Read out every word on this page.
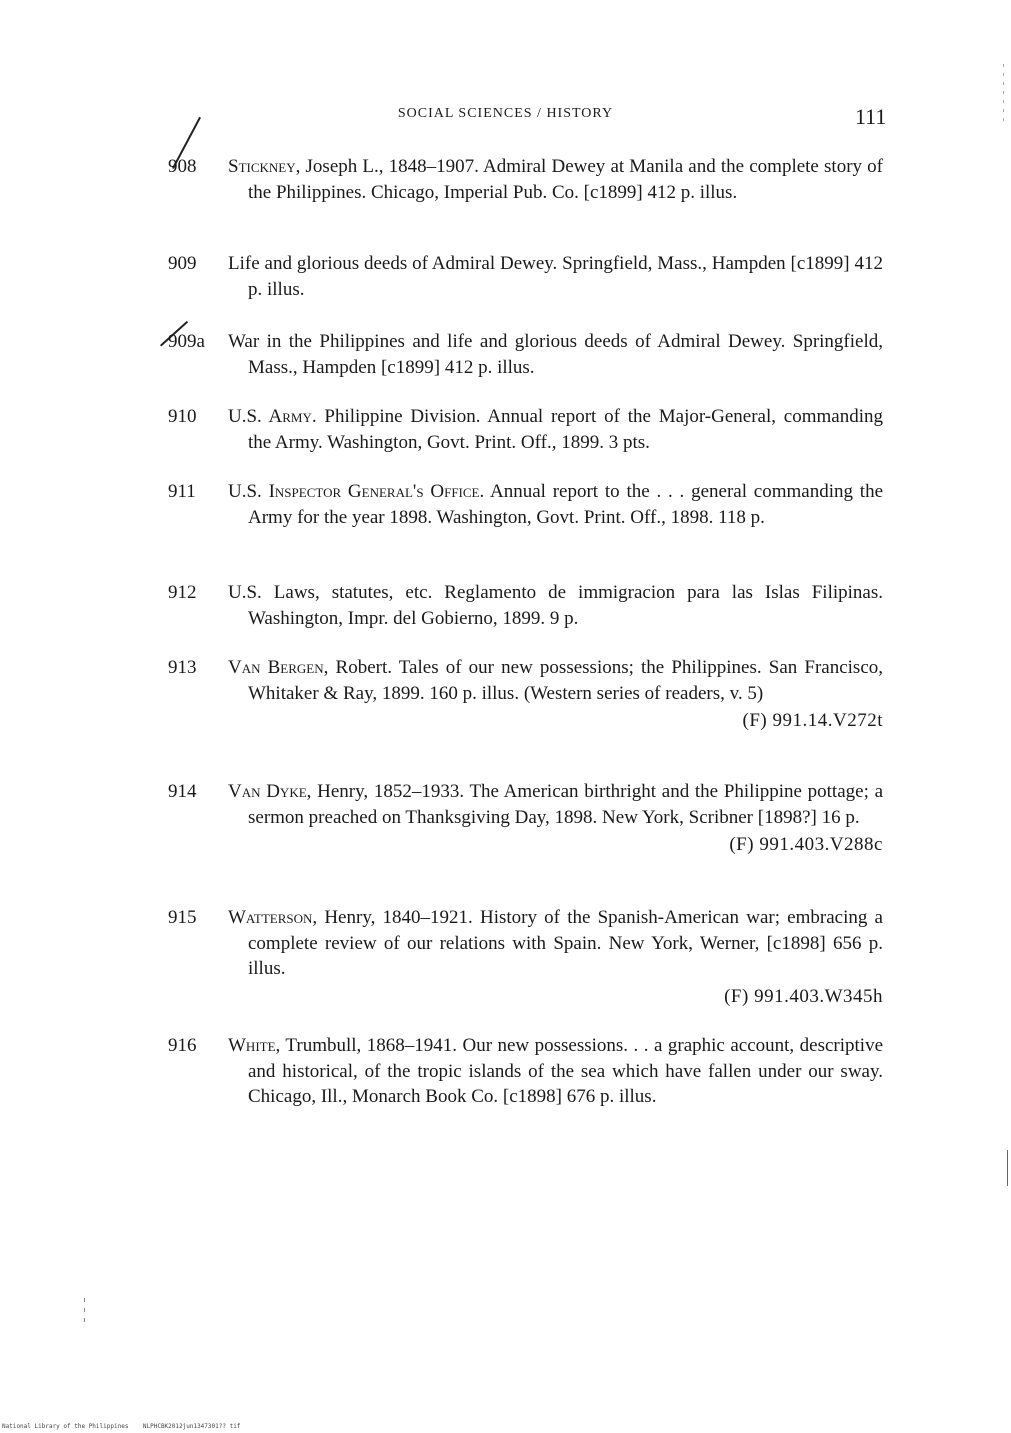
SOCIAL SCIENCES / HISTORY	111
908	Stickney, Joseph L., 1848–1907. Admiral Dewey at Manila and the complete story of the Philippines. Chicago, Imperial Pub. Co. [c1899] 412 p. illus.
909	Life and glorious deeds of Admiral Dewey. Springfield, Mass., Hampden [c1899] 412 p. illus.
909a	War in the Philippines and life and glorious deeds of Admiral Dewey. Springfield, Mass., Hampden [c1899] 412 p. illus.
910	U.S. Army. Philippine Division. Annual report of the Major-General, commanding the Army. Washington, Govt. Print. Off., 1899. 3 pts.
911	U.S. Inspector General's Office. Annual report to the . . . general commanding the Army for the year 1898. Washington, Govt. Print. Off., 1898. 118 p.
912	U.S. Laws, statutes, etc. Reglamento de immigracion para las Islas Filipinas. Washington, Impr. del Gobierno, 1899. 9 p.
913	Van Bergen, Robert. Tales of our new possessions; the Philippines. San Francisco, Whitaker & Ray, 1899. 160 p. illus. (Western series of readers, v. 5)
(F) 991.14.V272t
914	Van Dyke, Henry, 1852–1933. The American birthright and the Philippine pottage; a sermon preached on Thanksgiving Day, 1898. New York, Scribner [1898?] 16 p.
(F) 991.403.V288c
915	Watterson, Henry, 1840–1921. History of the Spanish-American war; embracing a complete review of our relations with Spain. New York, Werner, [c1898] 656 p. illus.
(F) 991.403.W345h
916	White, Trumbull, 1868–1941. Our new possessions. . . a graphic account, descriptive and historical, of the tropic islands of the sea which have fallen under our sway. Chicago, Ill., Monarch Book Co. [c1898] 676 p. illus.
National Library of the Philippines    NLPHCBK2012jun1347301?? tif
